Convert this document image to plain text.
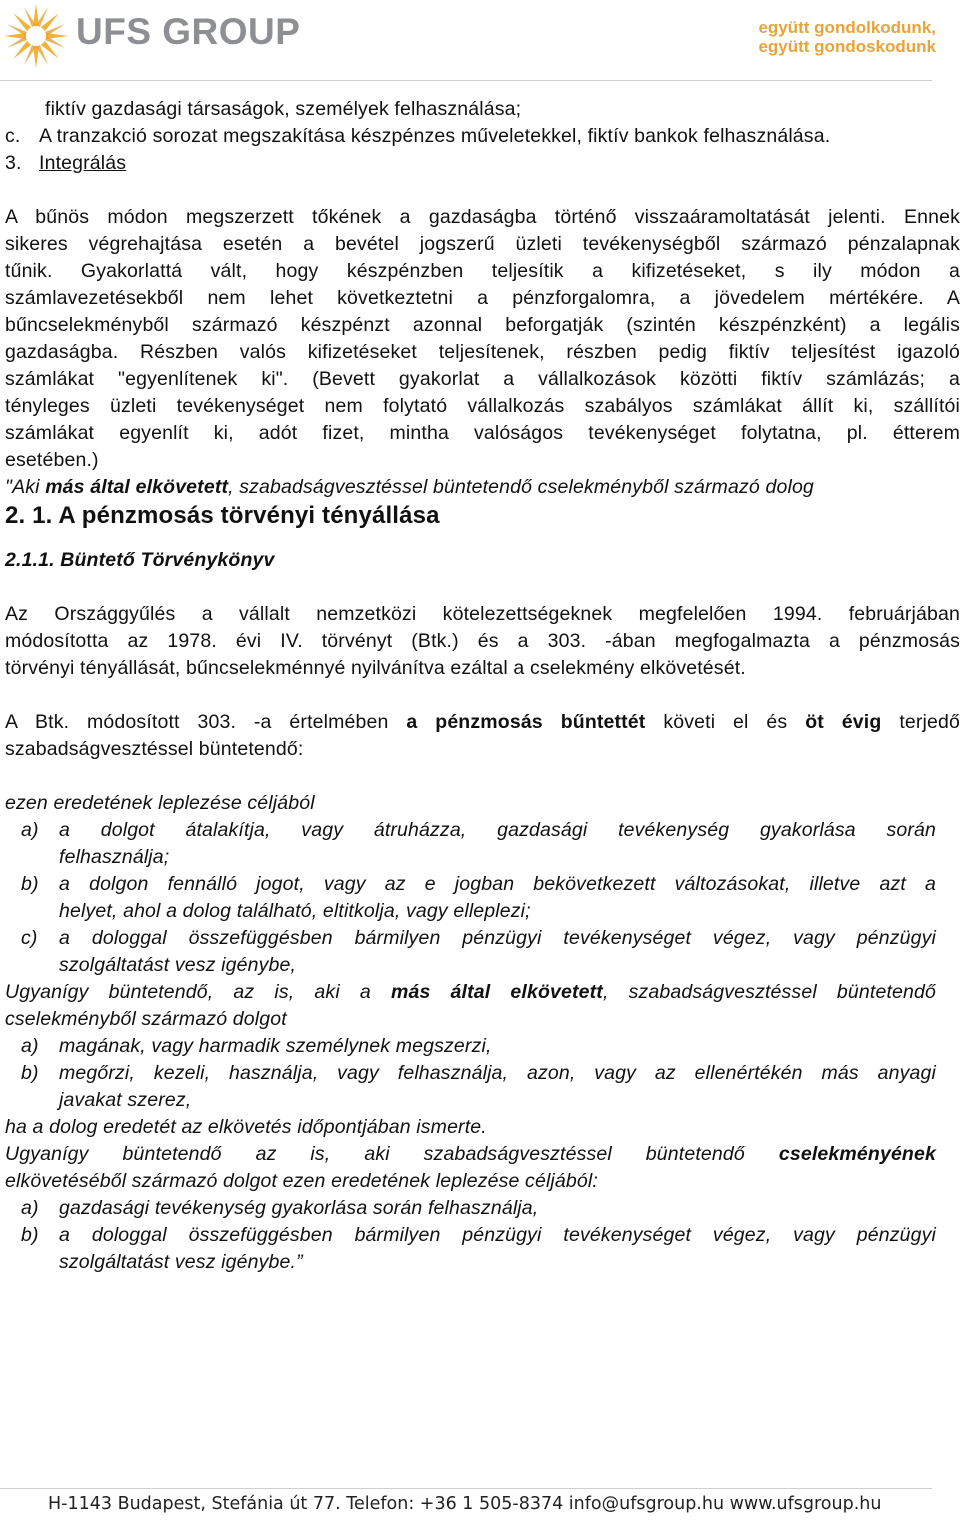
UFS GROUP	együtt gondolkodunk,
együtt gondoskodunk
fiktív gazdasági társaságok, személyek felhasználása;
c. A tranzakció sorozat megszakítása készpénzes műveletekkel, fiktív bankok felhasználása.
3. Integrálás
A bűnös módon megszerzett tőkének a gazdaságba történő visszaáramoltatását jelenti. Ennek
sikeres végrehajtása esetén a bevétel jogszerű üzleti tevékenységből származó pénzalapnak
tűnik. Gyakorlattá vált, hogy készpénzben teljesítik a kifizetéseket, s ily módon a
számlavezetésekből nem lehet következtetni a pénzforgalomra, a jövedelem mértékére. A
bűncselekményből származó készpénzt azonnal beforgatják (szintén készpénzként) a legális
gazdaságba. Részben valós kifizetéseket teljesítenek, részben pedig fiktív teljesítést igazoló
számlákat "egyenlítenek ki". (Bevett gyakorlat a vállalkozások közötti fiktív számlázás; a
tényleges üzleti tevékenységet nem folytató vállalkozás szabályos számlákat állít ki, szállítói
számlákat egyenlít ki, adót fizet, mintha valóságos tevékenységet folytatna, pl. étterem
esetében.)
"Aki más által elkövetett, szabadságvesztéssel büntetendő cselekményből származó dolog
2. 1. A pénzmosás törvényi tényállása
2.1.1. Büntető Törvénykönyv
Az Országgyűlés a vállalt nemzetközi kötelezettségeknek megfelelően 1994. februárjában
módosította az 1978. évi IV. törvényt (Btk.) és a 303. -ában megfogalmazta a pénzmosás
törvényi tényállását, bűncselekménnyé nyilvánítva ezáltal a cselekmény elkövetését.
A Btk. módosított 303. -a értelmében a pénzmosás bűntettét követi el és öt évig terjedő
szabadságvesztéssel büntetendő:
ezen eredetének leplezése céljából
a) a dolgot átalakítja, vagy átruházza, gazdasági tevékenység gyakorlása során
felhasználja;
b) a dolgon fennálló jogot, vagy az e jogban bekövetkezett változásokat, illetve azt a
helyet, ahol a dolog található, eltitkolja, vagy elleplezi;
c) a dologgal összefüggésben bármilyen pénzügyi tevékenységet végez, vagy pénzügyi
szolgáltatást vesz igénybe,
Ugyanígy büntetendő, az is, aki a más által elkövetett, szabadságvesztéssel büntetendő
cselekményből származó dolgot
a) magának, vagy harmadik személynek megszerzi,
b) megőrzi, kezeli, használja, vagy felhasználja, azon, vagy az ellenértékén más anyagi
javakat szerez,
ha a dolog eredetét az elkövetés időpontjában ismerte.
Ugyanígy büntetendő az is, aki szabadságvesztéssel büntetendő cselekményének
elkövetéséből származó dolgot ezen eredetének leplezése céljából:
a) gazdasági tevékenység gyakorlása során felhasználja,
b) a dologgal összefüggésben bármilyen pénzügyi tevékenységet végez, vagy pénzügyi
szolgáltatást vesz igénybe.”
H-1143 Budapest, Stefánia út 77. Telefon: +36 1 505-8374 info@ufsgroup.hu www.ufsgroup.hu
